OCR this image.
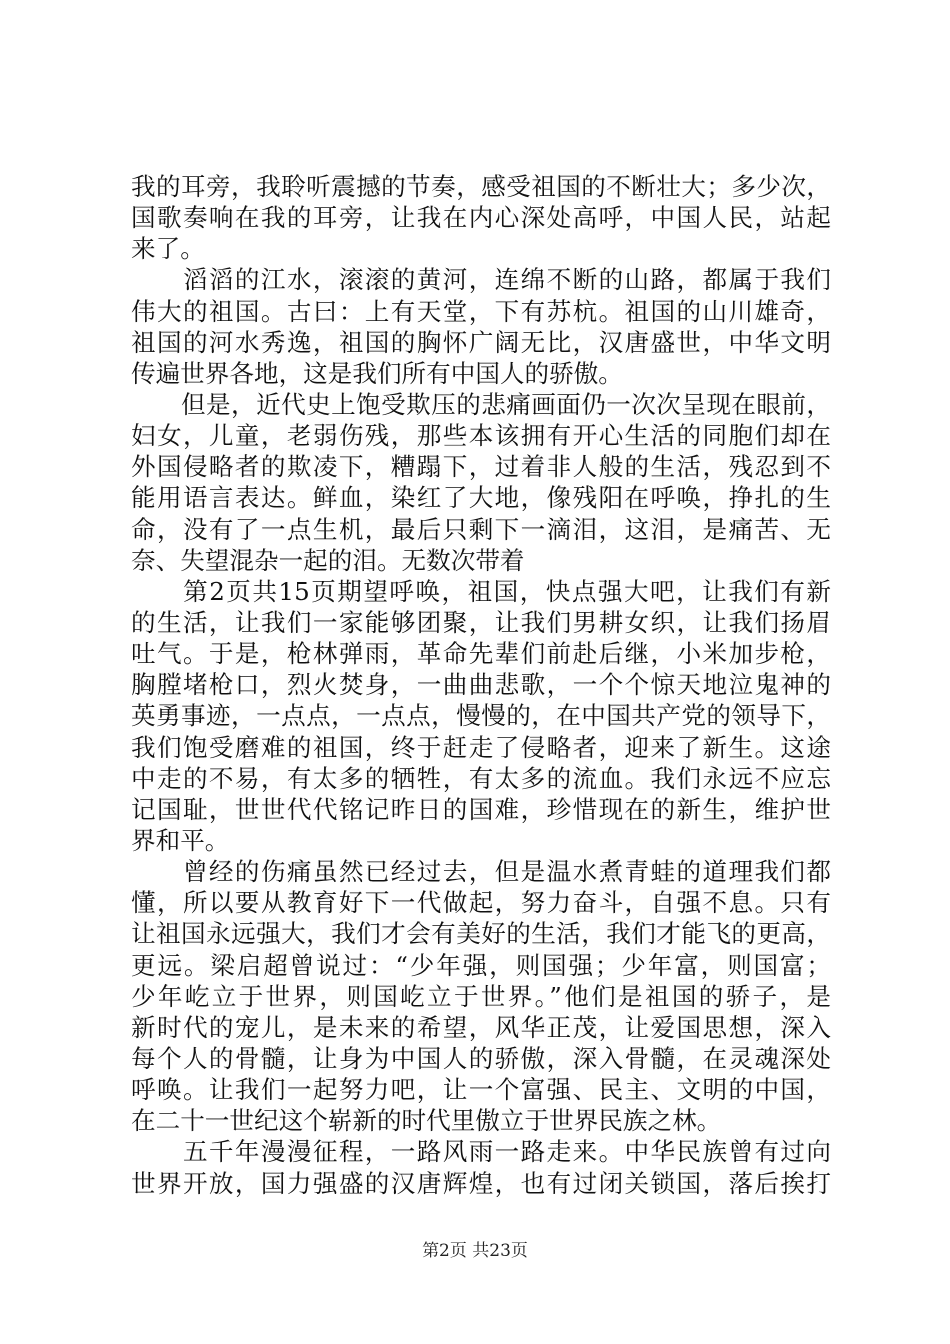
我的耳旁，我聆听震撼的节奏，感受祖国的不断壮大；多少次，
国歌奏响在我的耳旁，让我在内心深处高呼，中国人民，站起
来了。
　　滔滔的江水，滚滚的黄河，连绵不断的山路，都属于我们
伟大的祖国。古曰：上有天堂，下有苏杭。祖国的山川雄奇，
祖国的河水秀逸，祖国的胸怀广阔无比，汉唐盛世，中华文明
传遍世界各地，这是我们所有中国人的骄傲。
　　但是，近代史上饱受欺压的悲痛画面仍一次次呈现在眼前，
妇女，儿童，老弱伤残，那些本该拥有开心生活的同胞们却在
外国侵略者的欺凌下，糟蹋下，过着非人般的生活，残忍到不
能用语言表达。鲜血，染红了大地，像残阳在呼唤，挣扎的生
命，没有了一点生机，最后只剩下一滴泪，这泪，是痛苦、无
奈、失望混杂一起的泪。无数次带着
　　第2页共15页期望呼唤，祖国，快点强大吧，让我们有新
的生活，让我们一家能够团聚，让我们男耕女织，让我们扬眉
吐气。于是，枪林弹雨，革命先辈们前赴后继，小米加步枪，
胸膛堵枪口，烈火焚身，一曲曲悲歌，一个个惊天地泣鬼神的
英勇事迹，一点点，一点点，慢慢的，在中国共产党的领导下，
我们饱受磨难的祖国，终于赶走了侵略者，迎来了新生。这途
中走的不易，有太多的牺牲，有太多的流血。我们永远不应忘
记国耻，世世代代铭记昨日的国难，珍惜现在的新生，维护世
界和平。
　　曾经的伤痛虽然已经过去，但是温水煮青蛙的道理我们都
懂，所以要从教育好下一代做起，努力奋斗，自强不息。只有
让祖国永远强大，我们才会有美好的生活，我们才能飞的更高，
更远。梁启超曾说过：“少年强，则国强；少年富，则国富；
少年屹立于世界，则国屹立于世界。”他们是祖国的骄子，是
新时代的宠儿，是未来的希望，风华正茂，让爱国思想，深入
每个人的骨髓，让身为中国人的骄傲，深入骨髓，在灵魂深处
呼唤。让我们一起努力吧，让一个富强、民主、文明的中国，
在二十一世纪这个崭新的时代里傲立于世界民族之林。
　　五千年漫漫征程，一路风雨一路走来。中华民族曾有过向
世界开放，国力强盛的汉唐辉煌，也有过闭关锁国，落后挨打
第2页 共23页
